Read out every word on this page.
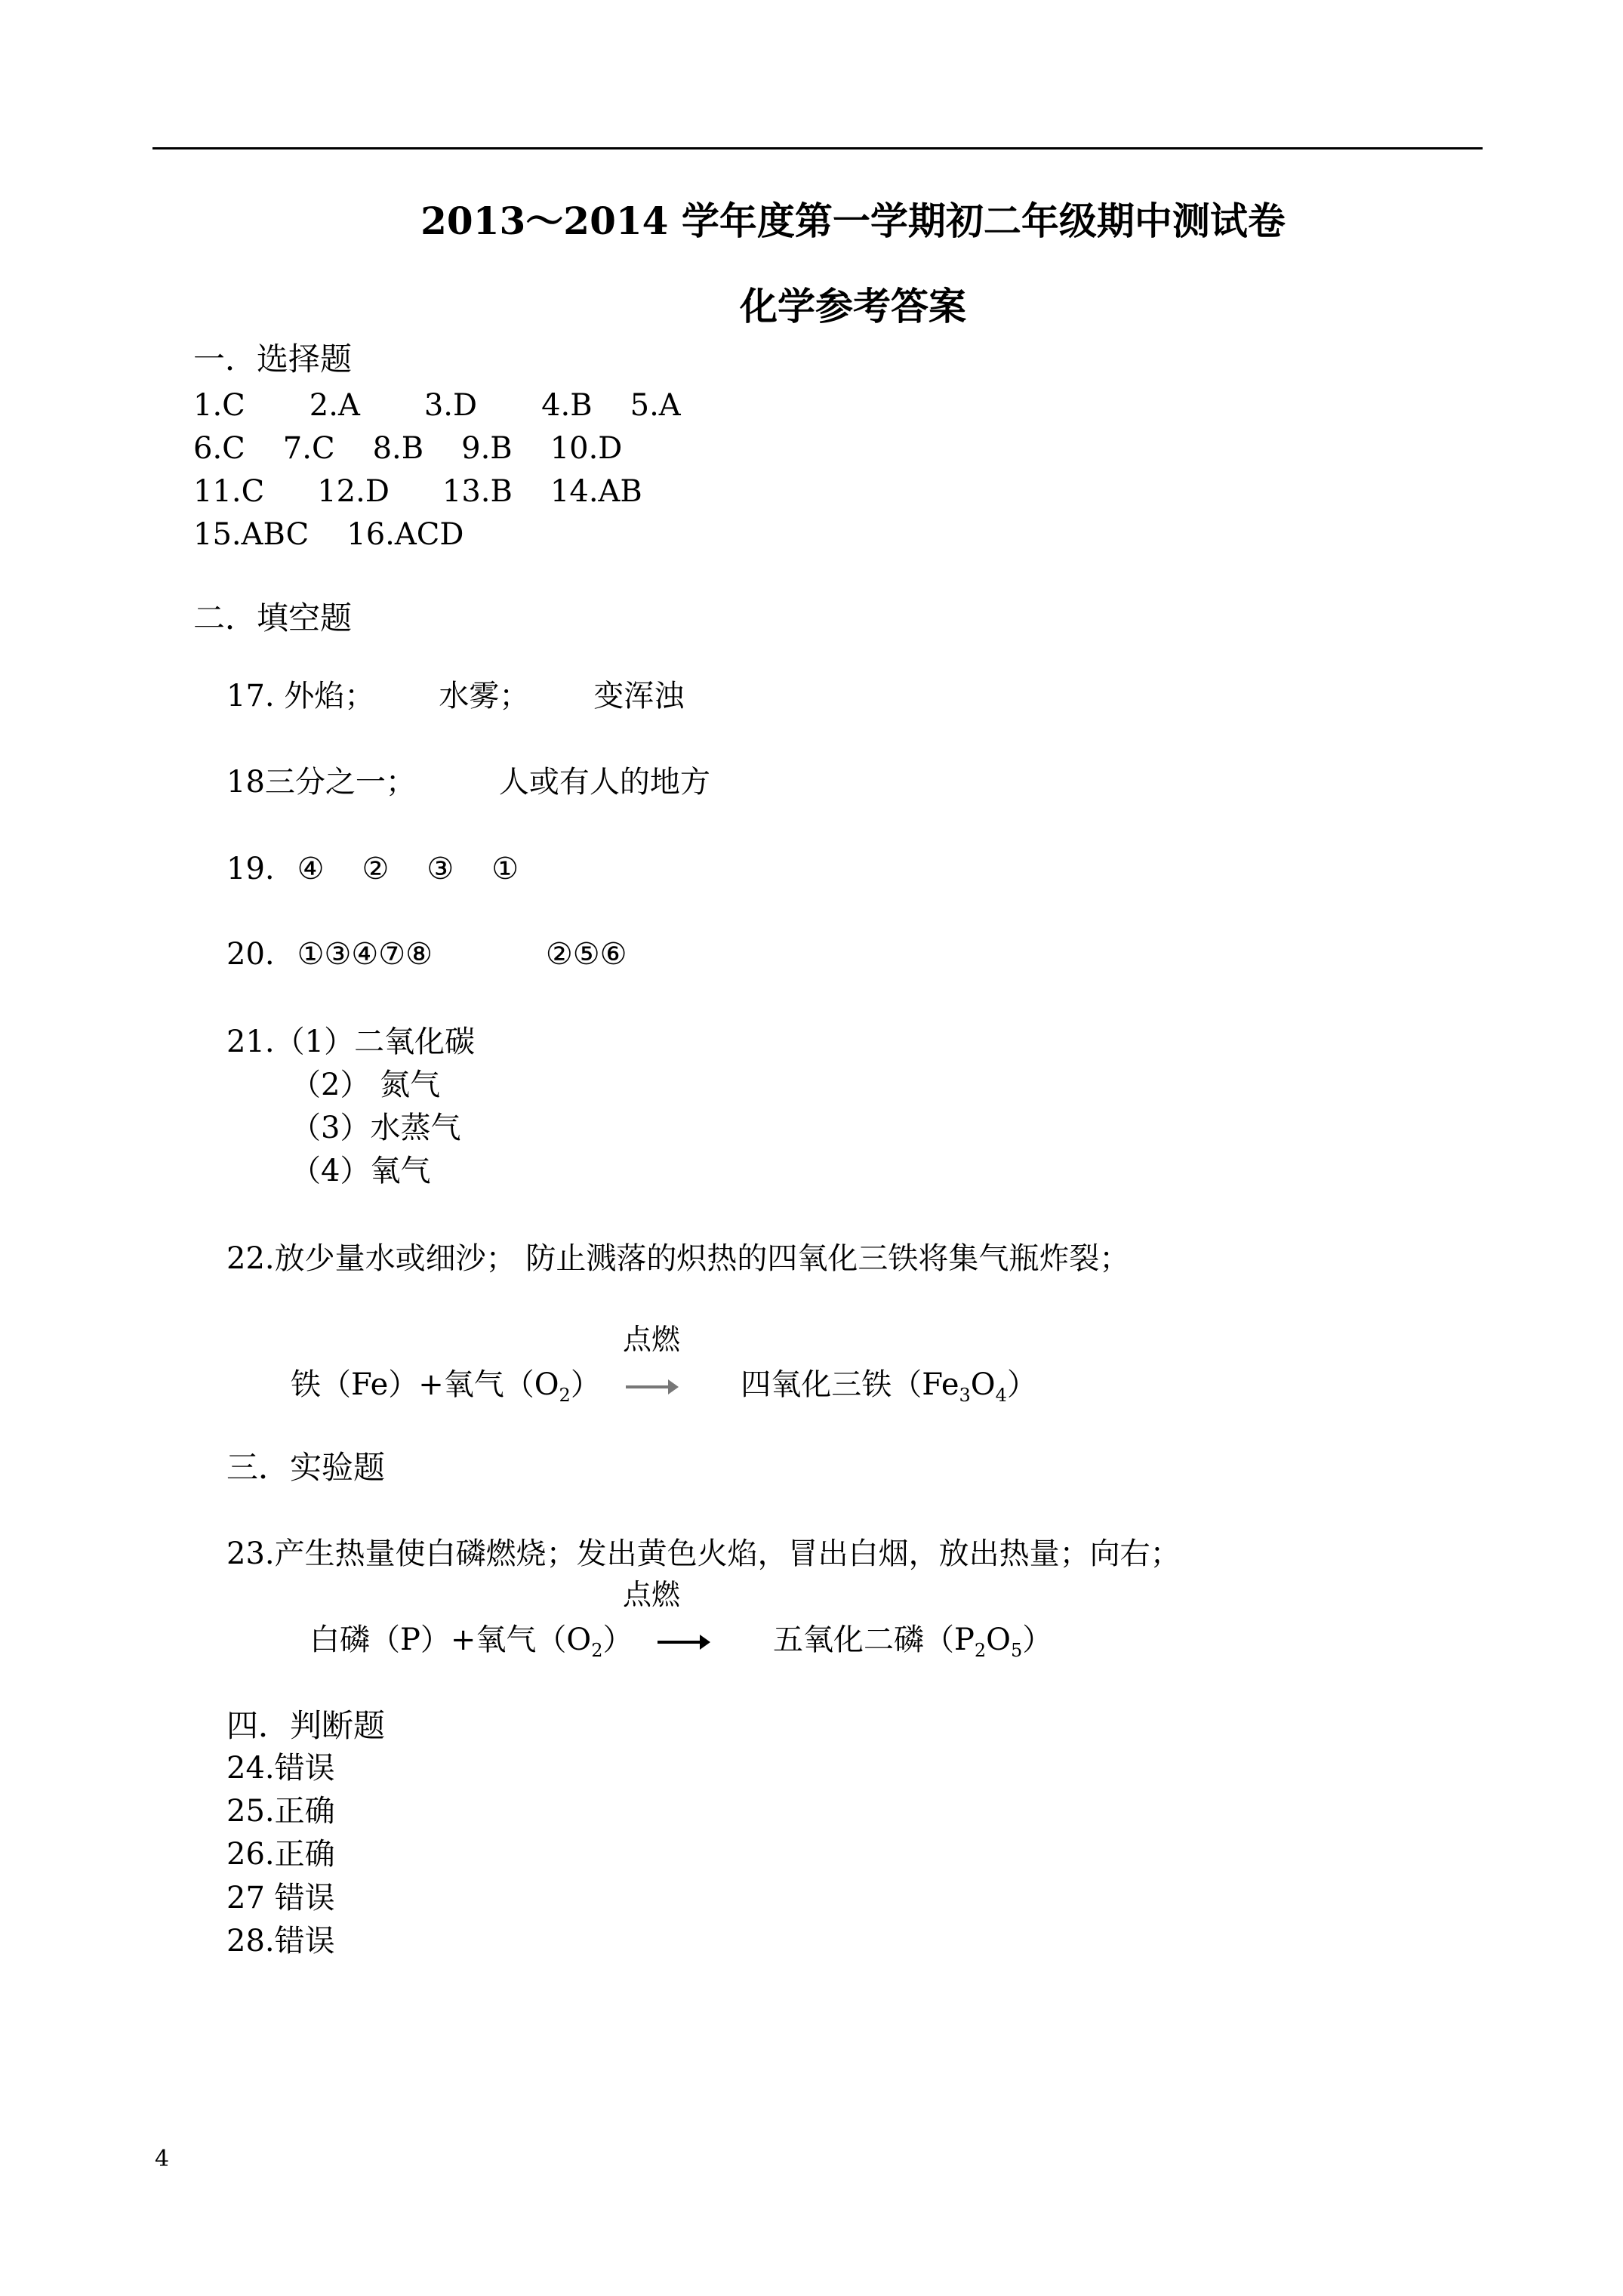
2013～2014 学年度第一学期初二年级期中测试卷
化学参考答案
一．选择题
1.C 2.A 3.D 4.B 5.A
6.C 7.C 8.B 9.B 10.D
11.C 12.D 13.B 14.AB
15.ABC 16.ACD
二．填空题
17. 外焰； 水雾； 变浑浊
18三分之一；	人或有人的地方
19. ④ ② ③ ①
20. ①③④⑦⑧	②⑤⑥
21.（1）二氧化碳
（2） 氮气
（3）水蒸气
（4）氧气
22.放少量水或细沙； 防止溅落的炽热的四氧化三铁将集气瓶炸裂；
点燃
铁（Fe）+氧气$(O_2)$ → 四氧化三铁$(Fe_3O_4)$
三．实验题
23.产生热量使白磷燃烧；发出黄色火焰，冒出白烟，放出热量；向右；
点燃
白磷（P）+氧气$(O_2)$ → 五氧化二磷$(P_2O_5)$
四．判断题
24.错误
25.正确
26.正确
27 错误
28.错误
4
